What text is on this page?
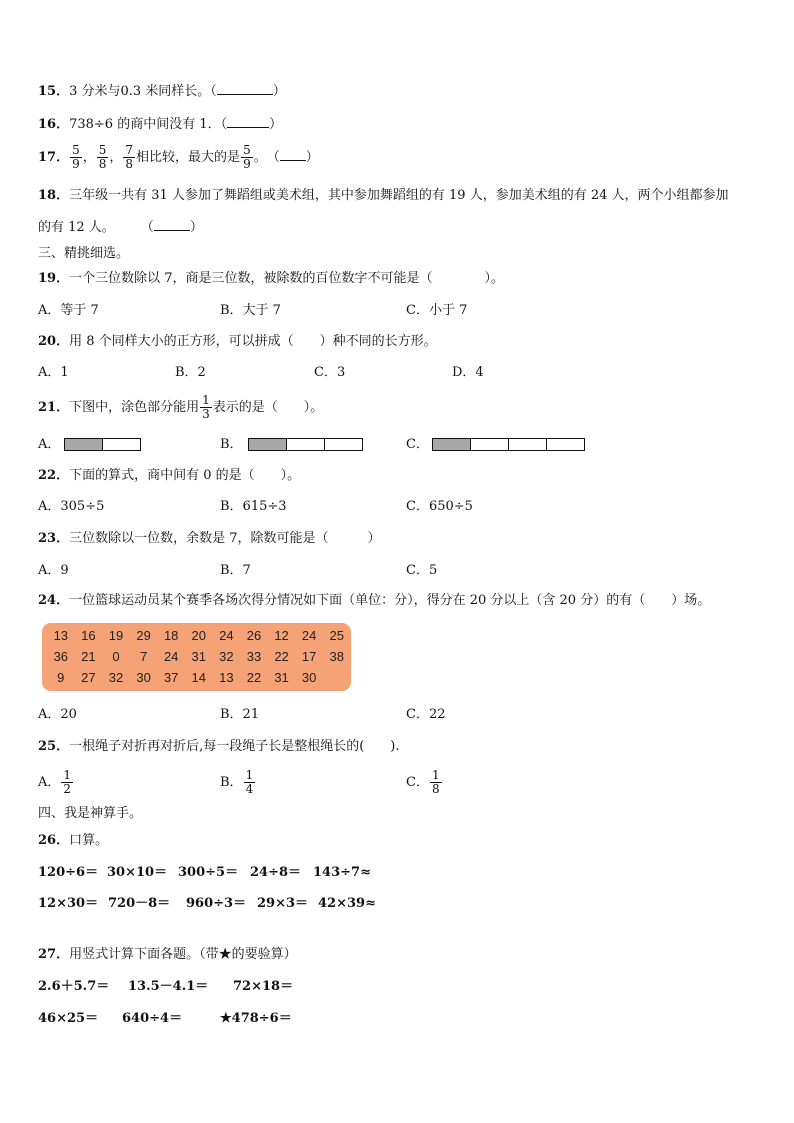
15．3 分米与0.3 米同样长。（	）
16．738÷6 的商中间没有 1．（	）
17． $\frac{5}{9}$ ， $\frac{5}{8}$ ， $\frac{7}{8}$ 相比较，最大的是 $\frac{5}{9}$ 。　（ ）
18．三年级一共有 31 人参加了舞蹈组或美术组，其中参加舞蹈组的有 19 人，参加美术组的有 24 人，两个小组都参加
的有 12 人。　　　（	）
三、精挑细选。
19．一个三位数除以 7，商是三位数，被除数的百位数字不可能是（　　　　）。
A．等于 7	B．大于 7	C．小于 7
20．用 8 个同样大小的正方形，可以拼成（　　）种不同的长方形。
A．1	B．2	C．3	D．4
21．下图中，涂色部分能用 $\frac{1}{3}$ 表示的是（　　）。
A．	B．	C．
22．下面的算式，商中间有 0 的是（　　）。
A．305÷5	B．615÷3	C．650÷5
23．三位数除以一位数，余数是 7，除数可能是（　　　）
A．9	B．7	C．5
24．一位篮球运动员某个赛季各场次得分情况如下面（单位：分），得分在 20 分以上（含 20 分）的有（　　）场。
13	16	19	29	18	20	24	26	12	24	25
36	21	0	7	24	31	32	33	22	17	38
9	27	32	30	37	14	13	22	31	30
A．20	B．21	C．22
25．一根绳子对折再对折后,每一段绳子长是整根绳长的(　　).
A． $\frac{1}{2}$	B． $\frac{1}{4}$	C． $\frac{1}{8}$
四、我是神算手。
26．口算。
120÷6＝ 30×10＝ 300÷5＝ 24÷8＝ 143÷7≈
12×30＝ 720－8＝ 960÷3＝ 29×3＝ 42×39≈
27．用竖式计算下面各题。（带★的要验算）
2.6＋5.7＝ 13.5－4.1＝ 72×18＝
46×25＝ 640÷4＝	★478÷6＝
